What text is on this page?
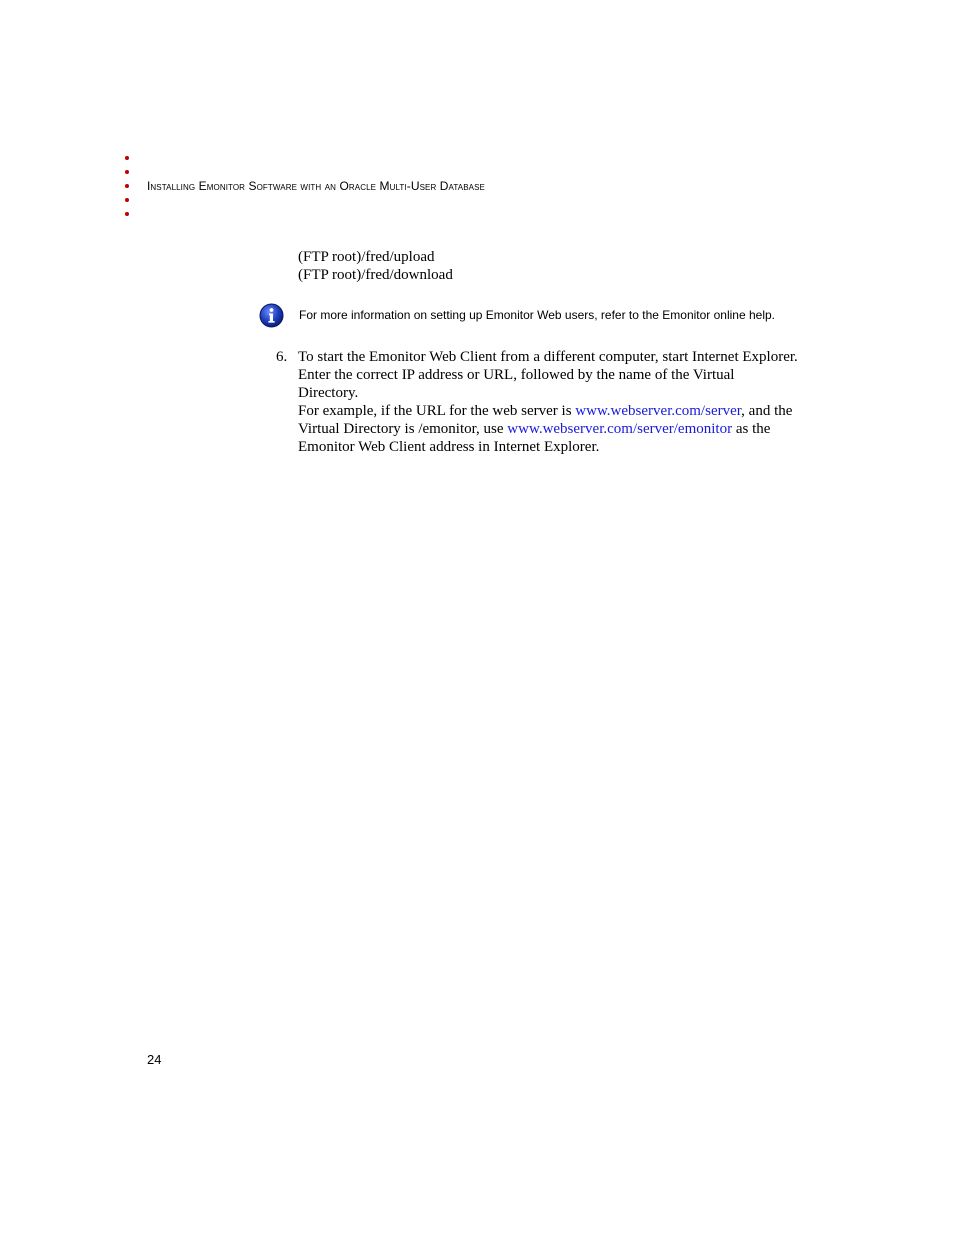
Installing Emonitor Software with an Oracle Multi-User Database
(FTP root)/fred/upload
(FTP root)/fred/download
For more information on setting up Emonitor Web users, refer to the Emonitor online help.
6. To start the Emonitor Web Client from a different computer, start Internet Explorer.
Enter the correct IP address or URL, followed by the name of the Virtual Directory.
For example, if the URL for the web server is www.webserver.com/server, and the
Virtual Directory is /emonitor, use www.webserver.com/server/emonitor as the
Emonitor Web Client address in Internet Explorer.
24
